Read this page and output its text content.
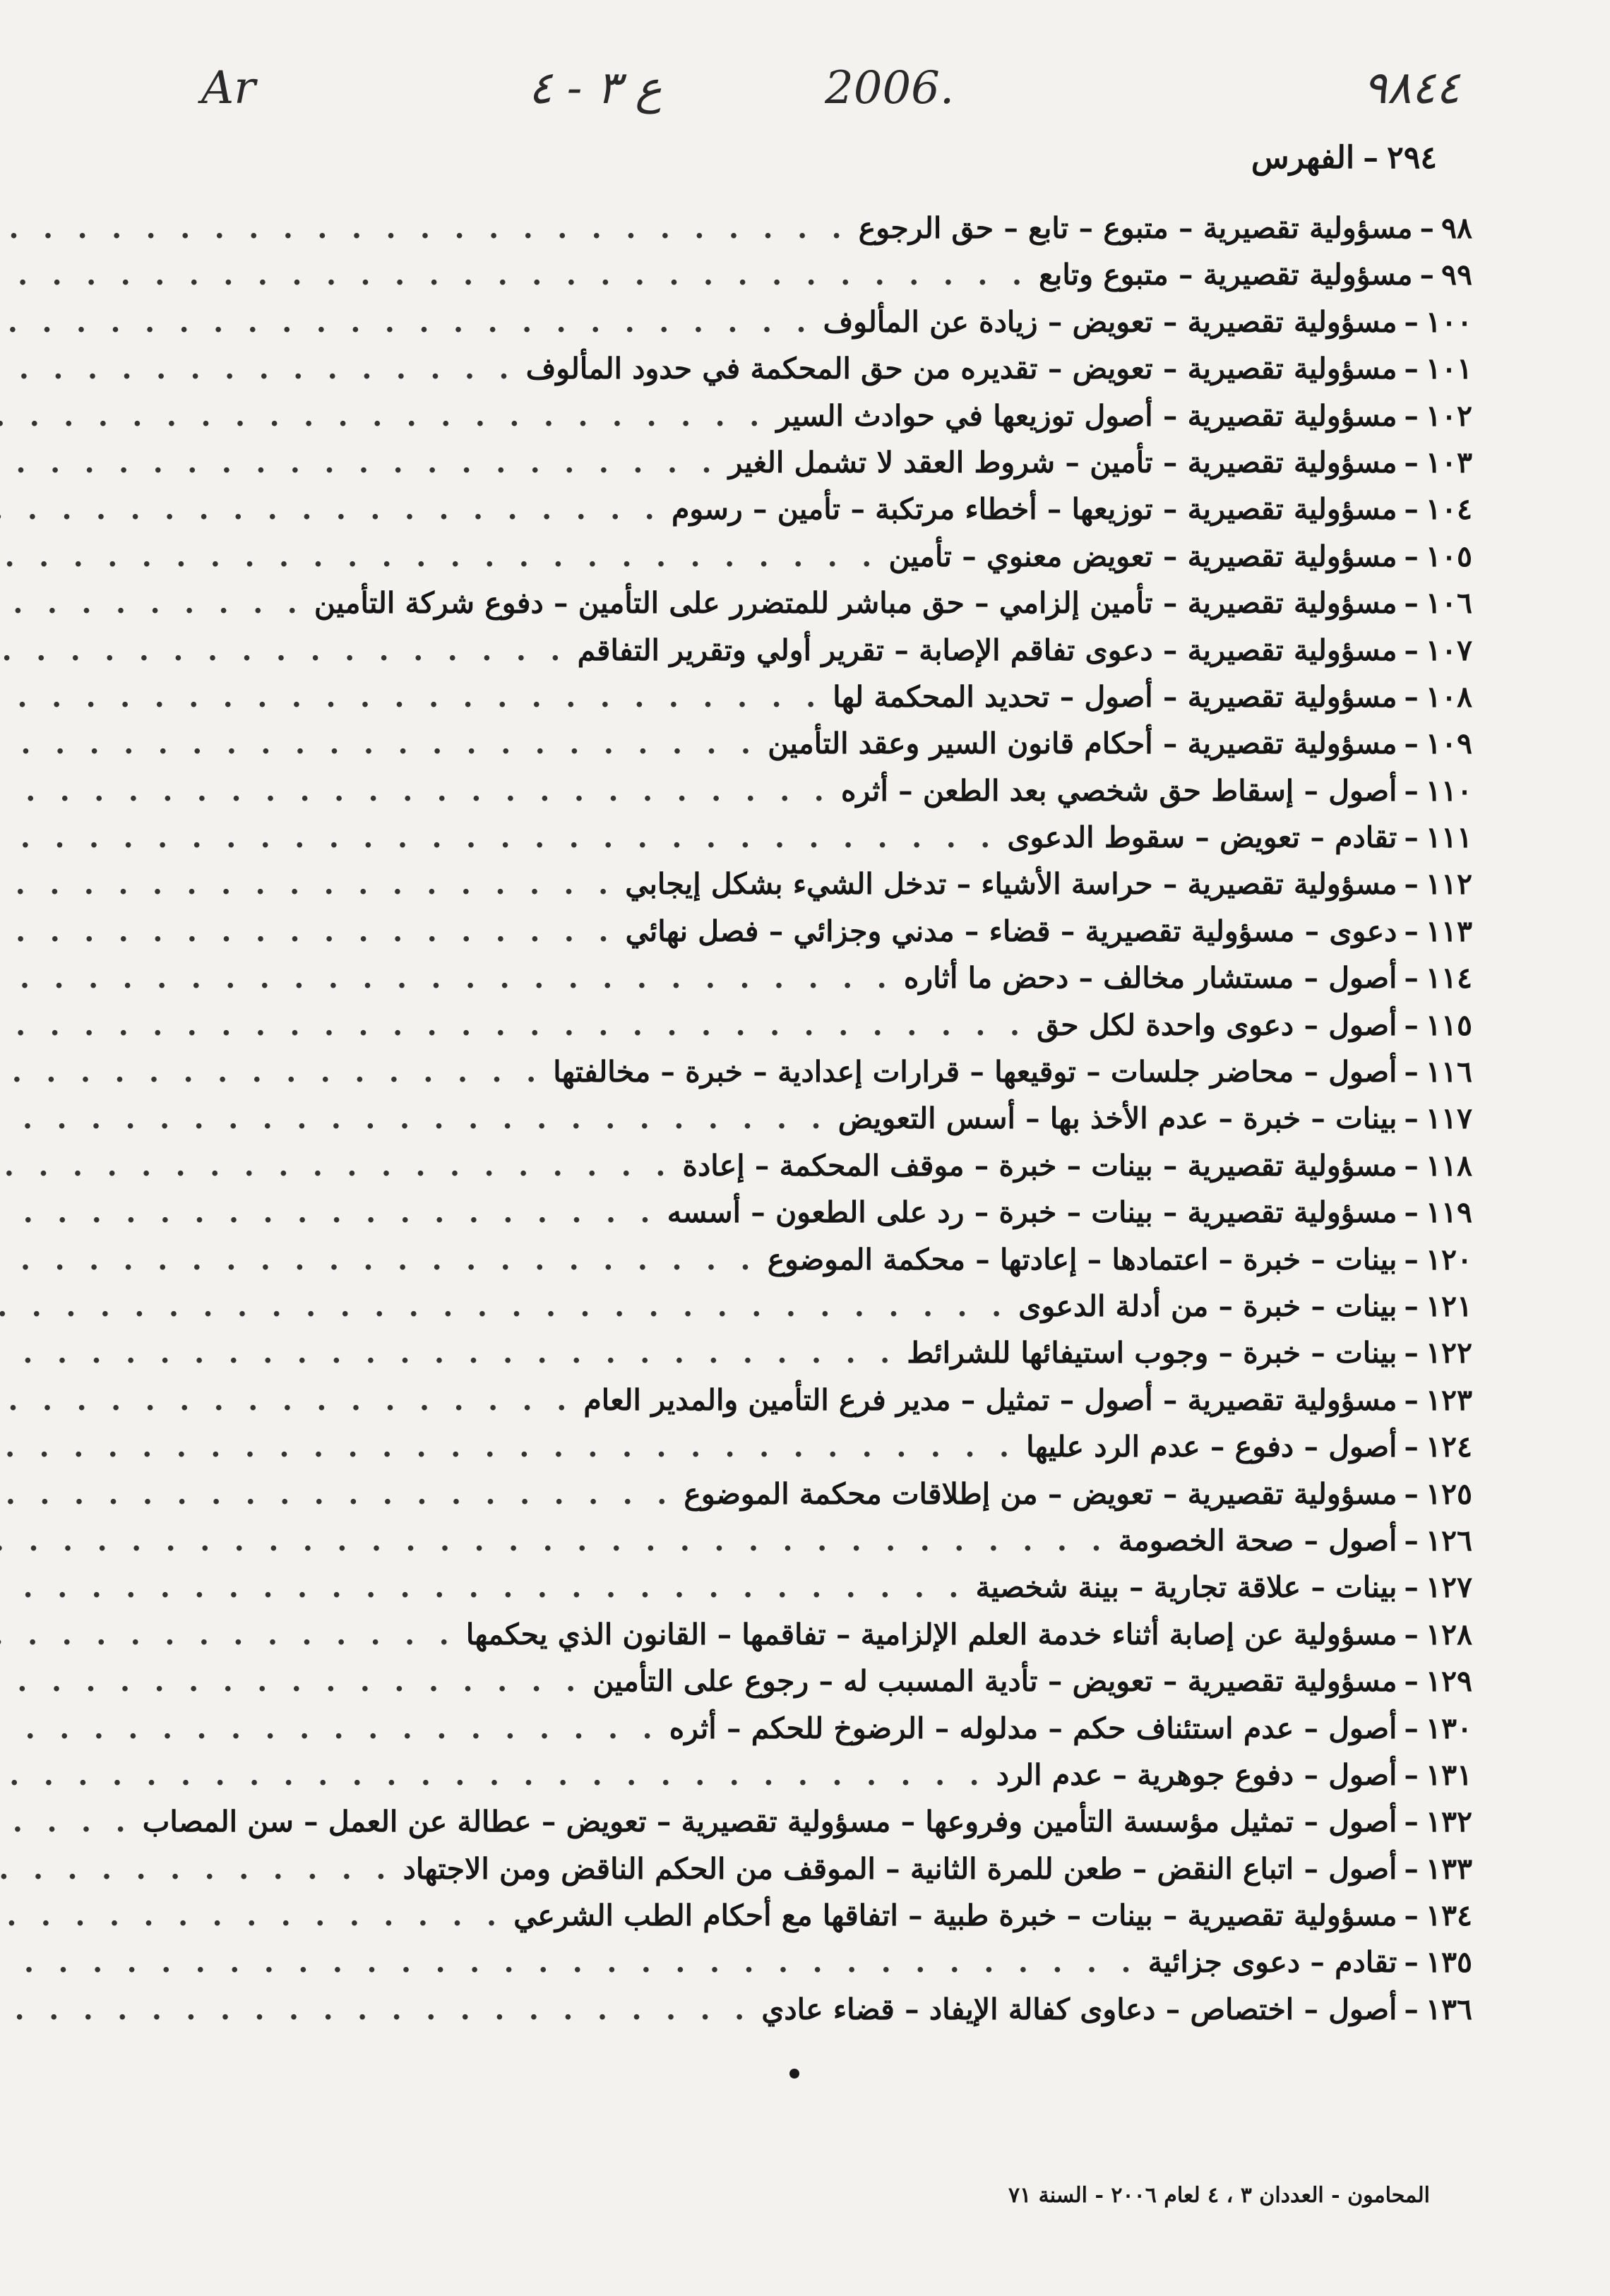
Ar	ع ٣ - ٤	2006.	٩٨٤٤
٢٩٤
–
الفهرس
٩٨
–
مسؤولية تقصيرية – متبوع – تابع – حق الرجوع
. . .
٩٩
–
مسؤولية تقصيرية – متبوع وتابع
. . .
١٠٠
–
مسؤولية تقصيرية – تعويض – زيادة عن المألوف
. . .
١٠١
–
مسؤولية تقصيرية – تعويض – تقديره من حق المحكمة في حدود المألوف
. . .
١٠٢
–
مسؤولية تقصيرية – أصول توزيعها في حوادث السير
. . .
١٠٣
–
مسؤولية تقصيرية – تأمين – شروط العقد لا تشمل الغير
. . .
١٠٤
–
مسؤولية تقصيرية – توزيعها – أخطاء مرتكبة – تأمين – رسوم
. . .
١٠٥
–
مسؤولية تقصيرية – تعويض معنوي – تأمين
. . .
١٠٦
–
مسؤولية تقصيرية – تأمين إلزامي – حق مباشر للمتضرر على التأمين – دفوع شركة التأمين
. . .
١٠٧
–
مسؤولية تقصيرية – دعوى تفاقم الإصابة – تقرير أولي وتقرير التفاقم
. . .
١٠٨
–
مسؤولية تقصيرية – أصول – تحديد المحكمة لها
. . .
١٠٩
–
مسؤولية تقصيرية – أحكام قانون السير وعقد التأمين
. . .
١١٠
–
أصول – إسقاط حق شخصي بعد الطعن – أثره
. . .
١١١
–
تقادم – تعويض – سقوط الدعوى
. . .
١١٢
–
مسؤولية تقصيرية – حراسة الأشياء – تدخل الشيء بشكل إيجابي
. . .
١١٣
–
دعوى – مسؤولية تقصيرية – قضاء – مدني وجزائي – فصل نهائي
. . .
١١٤
–
أصول – مستشار مخالف – دحض ما أثاره
. . .
١١٥
–
أصول – دعوى واحدة لكل حق
. . .
١١٦
–
أصول – محاضر جلسات – توقيعها – قرارات إعدادية – خبرة – مخالفتها
. . .
١١٧
–
بينات – خبرة – عدم الأخذ بها – أسس التعويض
. . .
١١٨
–
مسؤولية تقصيرية – بينات – خبرة – موقف المحكمة – إعادة
. . .
١١٩
–
مسؤولية تقصيرية – بينات – خبرة – رد على الطعون – أسسه
. . .
١٢٠
–
بينات – خبرة – اعتمادها – إعادتها – محكمة الموضوع
. . .
١٢١
–
بينات – خبرة – من أدلة الدعوى
. . .
١٢٢
–
بينات – خبرة – وجوب استيفائها للشرائط
. . .
١٢٣
–
مسؤولية تقصيرية – أصول – تمثيل – مدير فرع التأمين والمدير العام
. . .
١٢٤
–
أصول – دفوع – عدم الرد عليها
. . .
١٢٥
–
مسؤولية تقصيرية – تعويض – من إطلاقات محكمة الموضوع
. . .
١٢٦
–
أصول – صحة الخصومة
. . .
١٢٧
–
بينات – علاقة تجارية – بينة شخصية
. . .
١٢٨
–
مسؤولية عن إصابة أثناء خدمة العلم الإلزامية – تفاقمها – القانون الذي يحكمها
. . .
١٢٩
–
مسؤولية تقصيرية – تعويض – تأدية المسبب له – رجوع على التأمين
. . .
١٣٠
–
أصول – عدم استئناف حكم – مدلوله – الرضوخ للحكم – أثره
. . .
١٣١
–
أصول – دفوع جوهرية – عدم الرد
. . .
١٣٢
–
أصول – تمثيل مؤسسة التأمين وفروعها – مسؤولية تقصيرية – تعويض – عطالة عن العمل – سن المصاب
. . .
١٣٣
–
أصول – اتباع النقض – طعن للمرة الثانية – الموقف من الحكم الناقض ومن الاجتهاد
. . .
١٣٤
–
مسؤولية تقصيرية – بينات – خبرة طبية – اتفاقها مع أحكام الطب الشرعي
. . .
١٣٥
–
تقادم – دعوى جزائية
. . .
١٣٦
–
أصول – اختصاص – دعاوى كفالة الإيفاد – قضاء عادي
. . .
المحامون - العددان ٣ ، ٤ لعام ٢٠٠٦ - السنة ٧١
